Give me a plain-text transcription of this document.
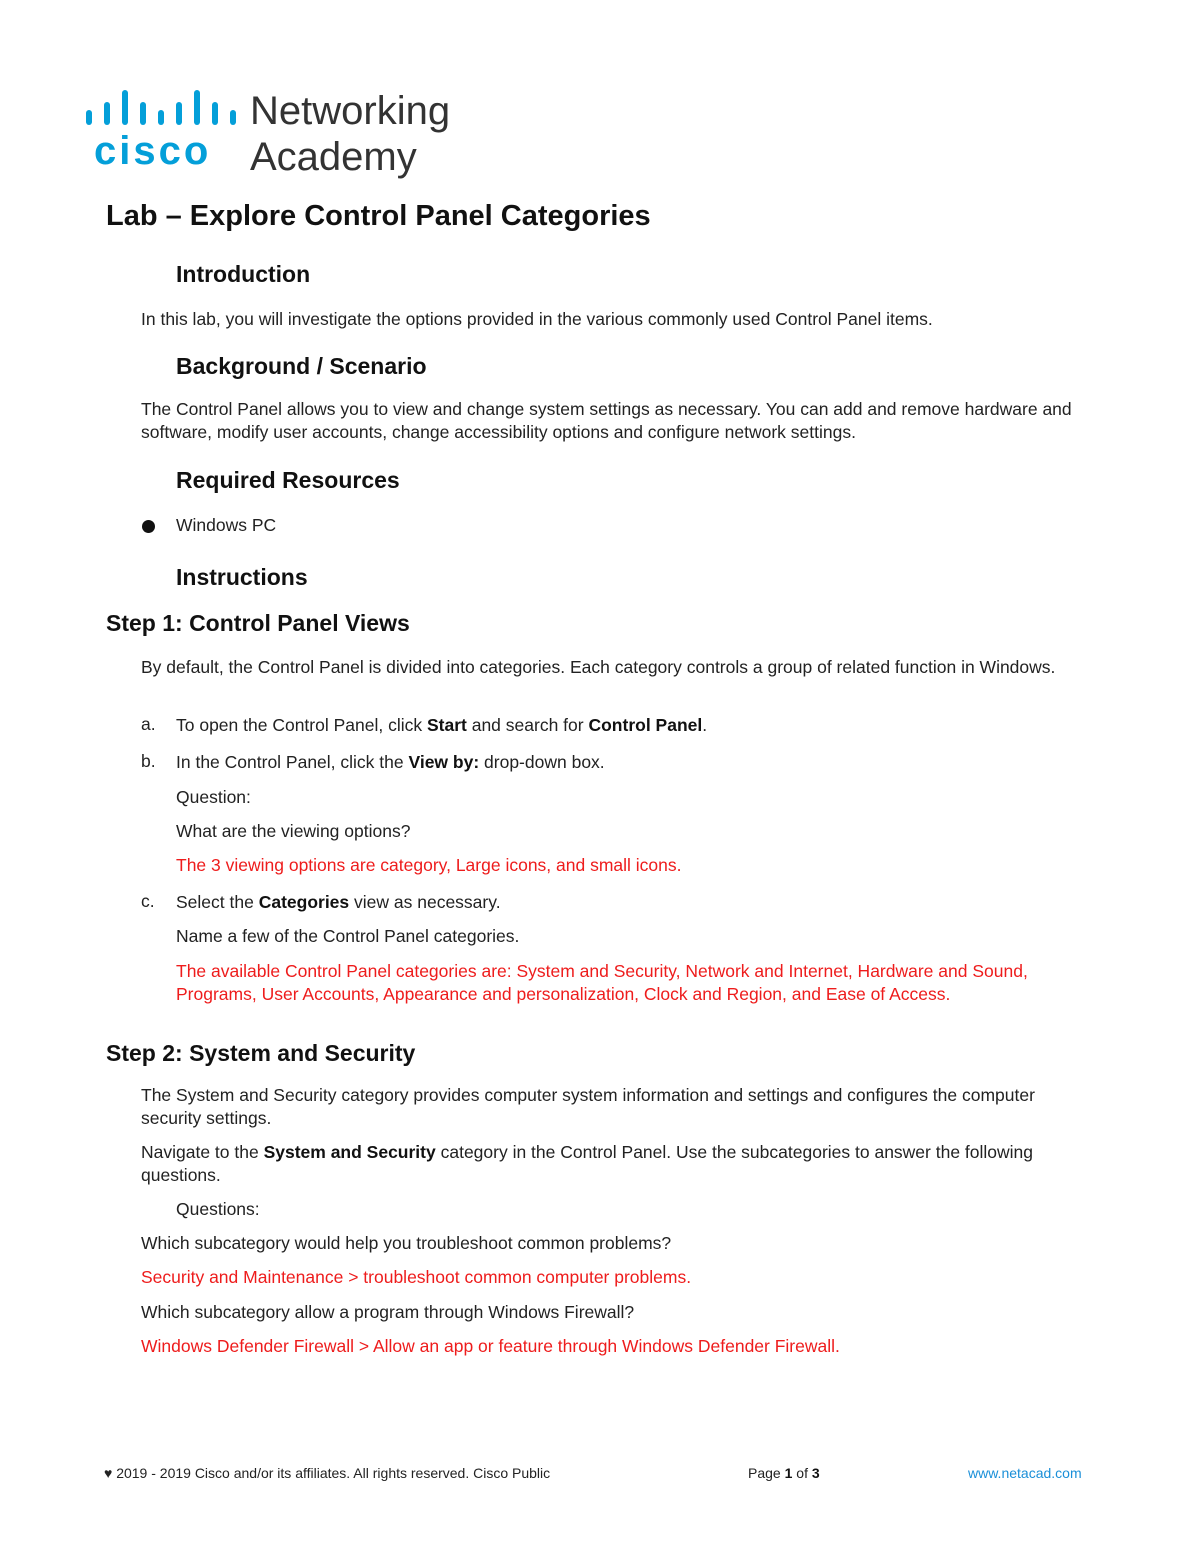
cisco
Networking
Academy
Lab – Explore Control Panel Categories
Introduction

In this lab, you will investigate the options provided in the various commonly used Control Panel items.

Background / Scenario

The Control Panel allows you to view and change system settings as necessary. You can add and remove hardware and software, modify user accounts, change accessibility options and configure network settings.

Required Resources

Windows PC

Instructions
Step 1: Control Panel Views

By default, the Control Panel is divided into categories. Each category controls a group of related function in Windows.

a. To open the Control Panel, click Start and search for Control Panel.

b. In the Control Panel, click the View by: drop-down box.

Question:

What are the viewing options?

The 3 viewing options are category, Large icons, and small icons.

c. Select the Categories view as necessary.

Name a few of the Control Panel categories.

The available Control Panel categories are: System and Security, Network and Internet, Hardware and Sound, Programs, User Accounts, Appearance and personalization, Clock and Region, and Ease of Access.

Step 2: System and Security

The System and Security category provides computer system information and settings and configures the computer security settings.

Navigate to the System and Security category in the Control Panel. Use the subcategories to answer the following questions.

Questions:

Which subcategory would help you troubleshoot common problems?

Security and Maintenance > troubleshoot common computer problems.

Which subcategory allow a program through Windows Firewall?

Windows Defender Firewall > Allow an app or feature through Windows Defender Firewall.

♥ 2019 - 2019 Cisco and/or its affiliates. All rights reserved. Cisco Public	Page 1 of 3	www.netacad.com
